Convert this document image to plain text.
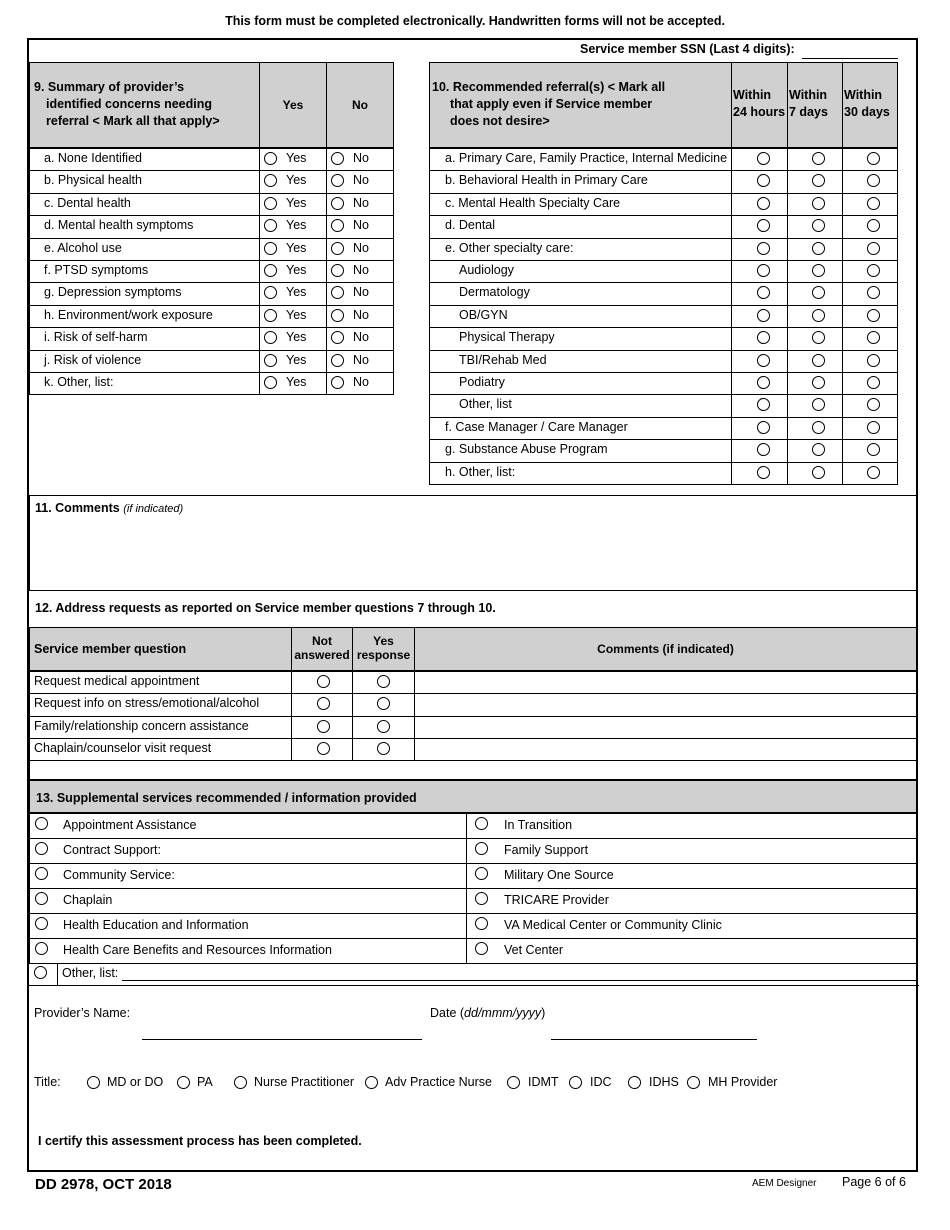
This form must be completed electronically. Handwritten forms will not be accepted.
Service member SSN (Last 4 digits):
9. Summary of provider’s
identified concerns needing
referral < Mark all that apply>
Yes	No
a. None Identified	Yes	No
b. Physical health	Yes	No
c. Dental health	Yes	No
d. Mental health symptoms	Yes	No
e. Alcohol use	Yes	No
f. PTSD symptoms	Yes	No
g. Depression symptoms	Yes	No
h. Environment/work exposure	Yes	No
i. Risk of self-harm	Yes	No
j. Risk of violence	Yes	No
k. Other, list:	Yes	No
10. Recommended referral(s) < Mark all
that apply even if Service member
does not desire>
Within
24 hours
Within
7 days
Within
30 days
a. Primary Care, Family Practice, Internal Medicine
b. Behavioral Health in Primary Care
c. Mental Health Specialty Care
d. Dental
e. Other specialty care:
Audiology
Dermatology
OB/GYN
Physical Therapy
TBI/Rehab Med
Podiatry
Other, list
f. Case Manager / Care Manager
g. Substance Abuse Program
h. Other, list:
11. Comments (if indicated)
12. Address requests as reported on Service member questions 7 through 10.
Service member question
Not
answered
Yes
response	Comments (if indicated)
Request medical appointment
Request info on stress/emotional/alcohol
Family/relationship concern assistance
Chaplain/counselor visit request
13. Supplemental services recommended / information provided
Appointment Assistance	In Transition
Contract Support:	Family Support
Community Service:	Military One Source
Chaplain	TRICARE Provider
Health Education and Information	VA Medical Center or Community Clinic
Health Care Benefits and Resources Information	Vet Center
Other, list:
Provider’s Name:	Date (dd/mmm/yyyy)
Title:	MD or DO	PA	Nurse Practitioner Adv Practice Nurse	IDMT	IDC	IDHS MH Provider
I certify this assessment process has been completed.
DD 2978, OCT 2018	AEM Designer Page 6 of 6
